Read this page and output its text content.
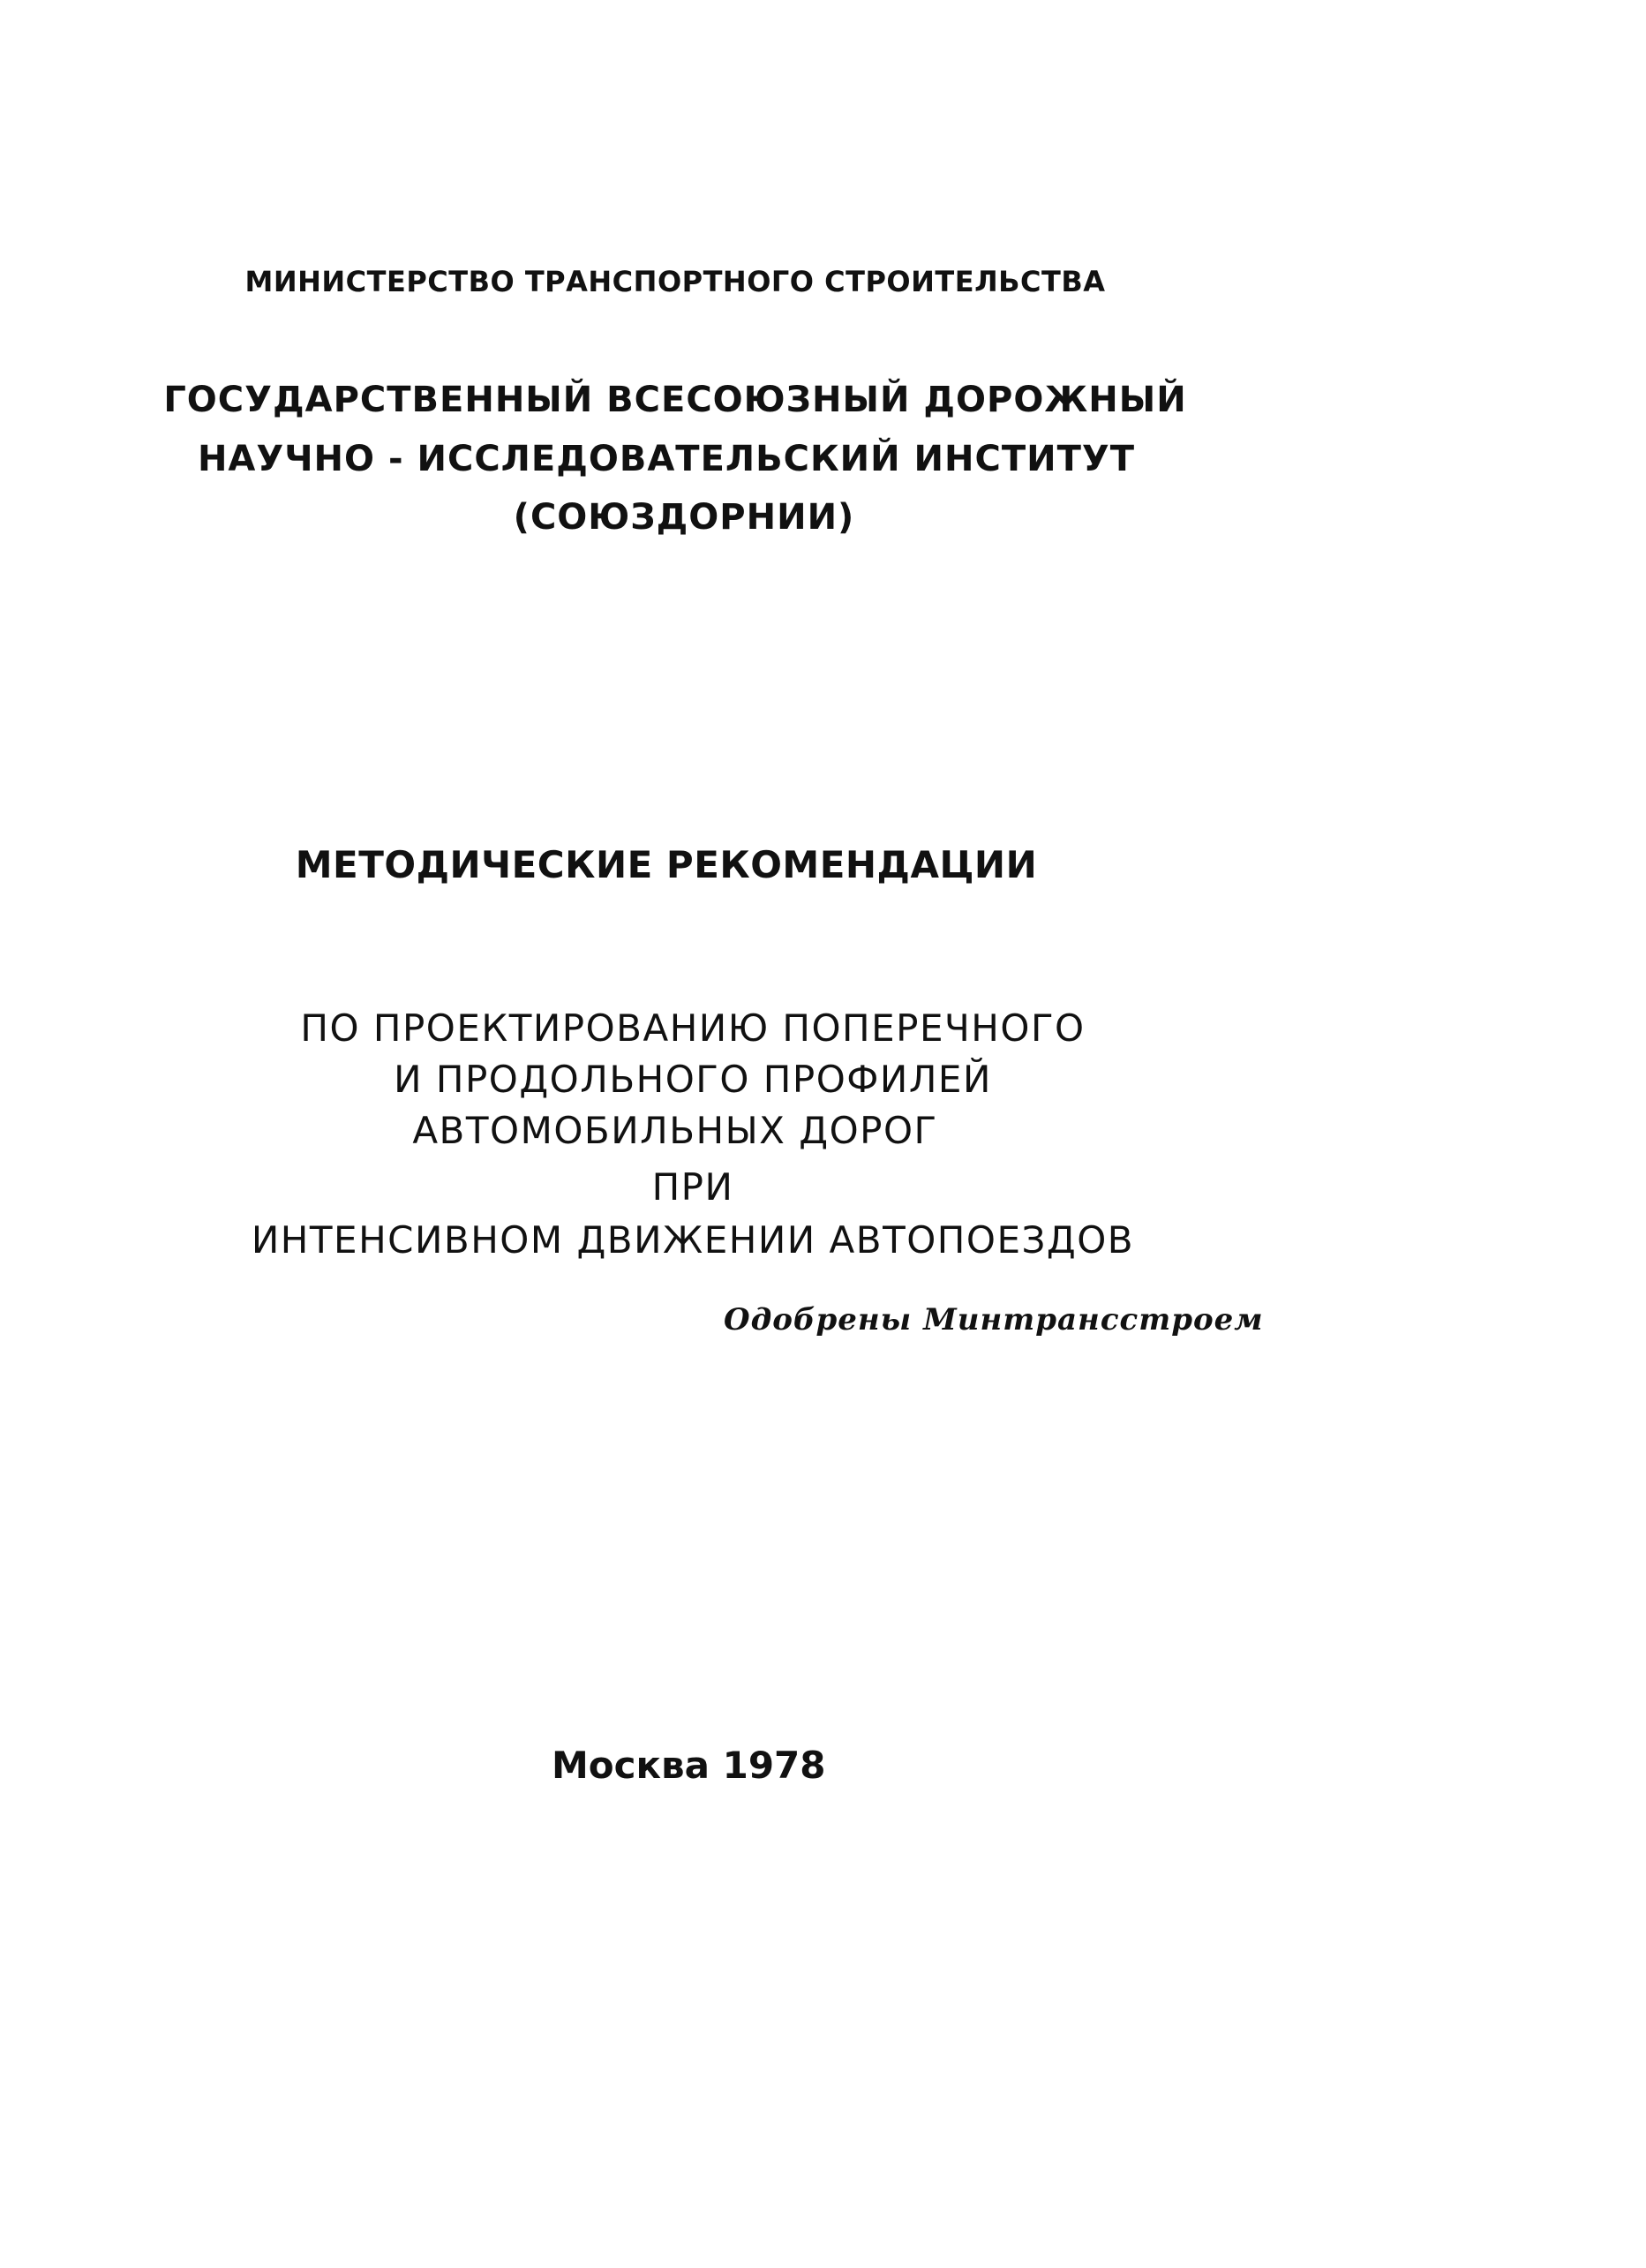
МИНИСТЕРСТВО ТРАНСПОРТНОГО СТРОИТЕЛЬСТВА
ГОСУДАРСТВЕННЫЙ ВСЕСОЮЗНЫЙ ДОРОЖНЫЙ
НАУЧНО - ИССЛЕДОВАТЕЛЬСКИЙ ИНСТИТУТ
(СОЮЗДОРНИИ)
МЕТОДИЧЕСКИЕ РЕКОМЕНДАЦИИ
ПО ПРОЕКТИРОВАНИЮ ПОПЕРЕЧНОГО
И ПРОДОЛЬНОГО ПРОФИЛЕЙ
АВТОМОБИЛЬНЫХ ДОРОГ
ПРИ
ИНТЕНСИВНОМ ДВИЖЕНИИ АВТОПОЕЗДОВ
Одобрены Минтрансстроем
Москва 1978
